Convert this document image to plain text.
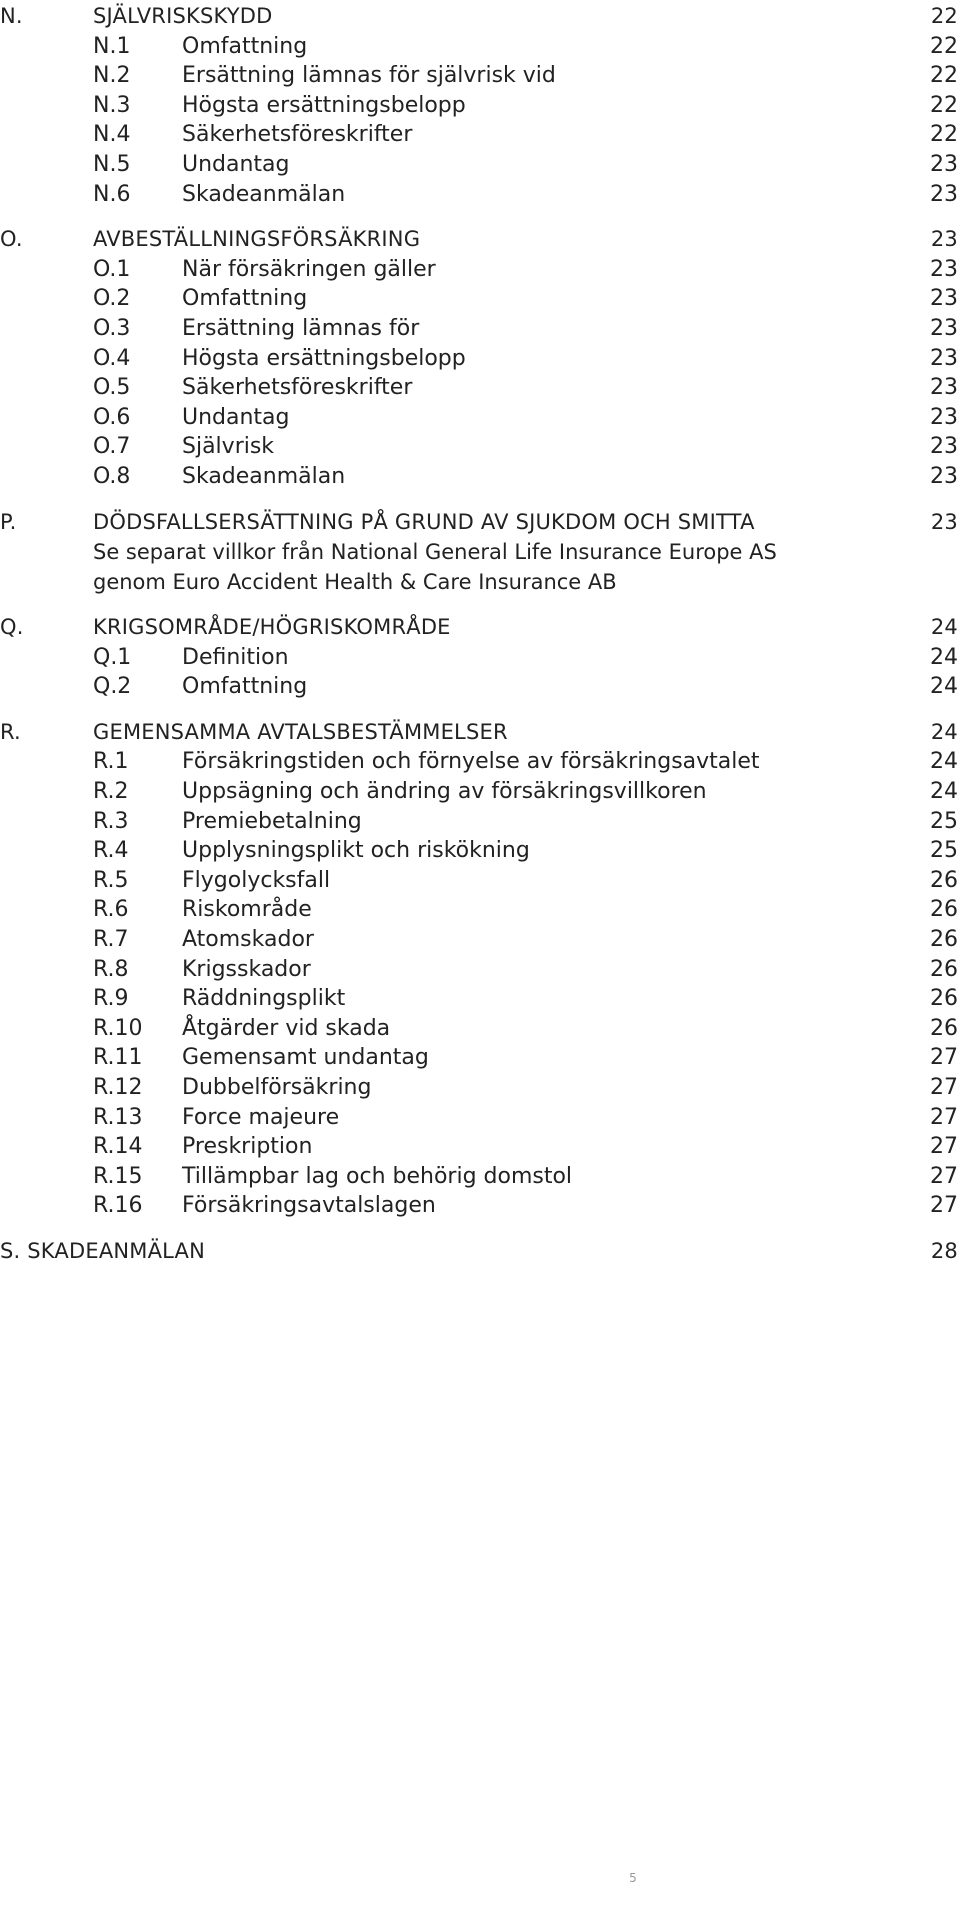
N.	SJÄLVRISKSKYDD	22
N.1 Omfattning	22
N.2 Ersättning lämnas för självrisk vid	22
N.3 Högsta ersättningsbelopp	22
N.4 Säkerhetsföreskrifter	22
N.5 Undantag	23
N.6 Skadeanmälan	23
O.	AVBESTÄLLNINGSFÖRSÄKRING	23
O.1 När försäkringen gäller	23
O.2 Omfattning	23
O.3 Ersättning lämnas för	23
O.4 Högsta ersättningsbelopp	23
O.5 Säkerhetsföreskrifter	23
O.6 Undantag	23
O.7 Självrisk	23
O.8 Skadeanmälan	23
P.	DÖDSFALLSERSÄTTNING PÅ GRUND AV SJUKDOM OCH SMITTA	23
Se separat villkor från National General Life Insurance Europe AS
genom Euro Accident Health & Care Insurance AB
Q.	KRIGSOMRÅDE/HÖGRISKOMRÅDE	24
Q.1 Definition	24
Q.2 Omfattning	24
R.	GEMENSAMMA AVTALSBESTÄMMELSER	24
R.1 Försäkringstiden och förnyelse av försäkringsavtalet	24
R.2 Uppsägning och ändring av försäkringsvillkoren	24
R.3 Premiebetalning	25
R.4 Upplysningsplikt och riskökning	25
R.5 Flygolycksfall	26
R.6 Riskområde	26
R.7 Atomskador	26
R.8 Krigsskador	26
R.9 Räddningsplikt	26
R.10 Åtgärder vid skada	26
R.11 Gemensamt undantag	27
R.12 Dubbelförsäkring	27
R.13 Force majeure	27
R.14 Preskription	27
R.15 Tillämpbar lag och behörig domstol	27
R.16 Försäkringsavtalslagen	27
S. SKADEANMÄLAN	28
5
